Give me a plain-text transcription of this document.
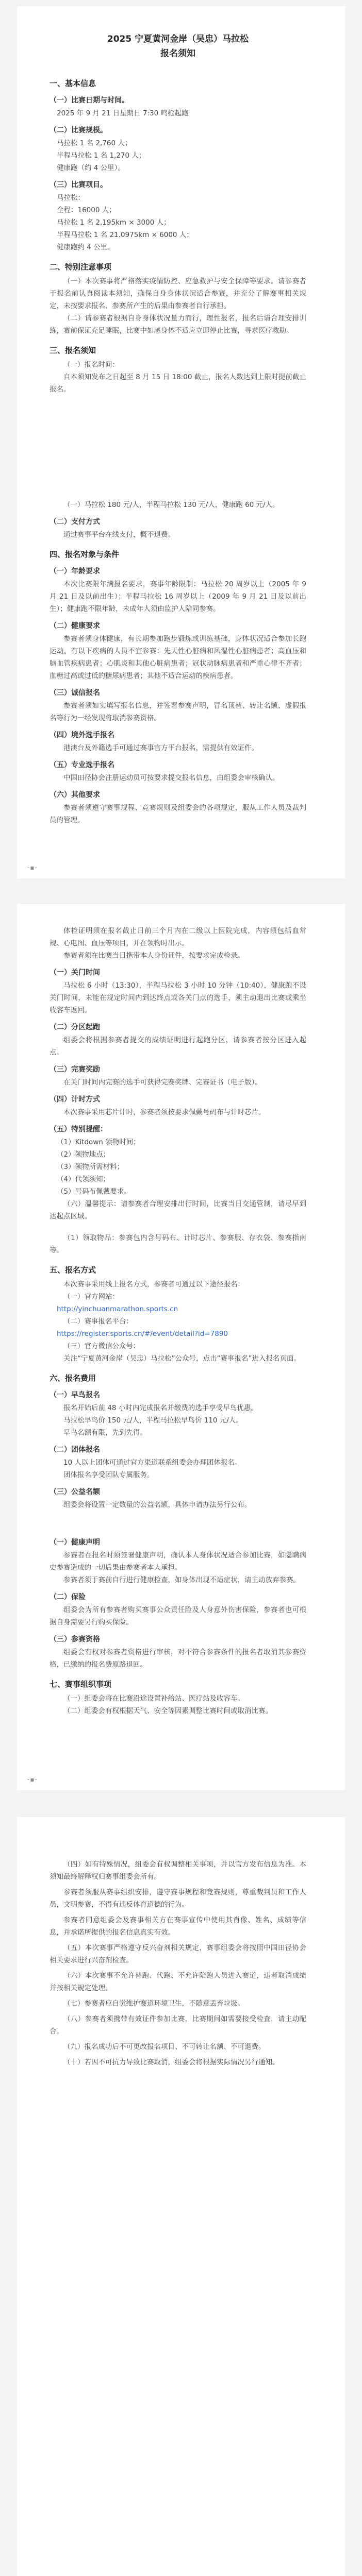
2025 宁夏黄河金岸（吴忠）马拉松
报名须知
一、基本信息
（一）比赛日期与时间。

2025 年 9 月 21 日星期日 7:30 鸣枪起跑

（二）比赛规模。

马拉松 1 名 2,760 人；

半程马拉松 1 名 1,270 人；

健康跑（约 4 公里）。

（三）比赛项目。

马拉松：

全程：16000 人；

马拉松 1 名 2,195km × 3000 人；

半程马拉松 1 名 21.0975km × 6000 人；

健康跑约 4 公里。

二、特别注意事项

（一）本次赛事将严格落实疫情防控、应急救护与安全保障等要求。请参赛者于报名前认真阅读本须知，确保自身身体状况适合参赛，并充分了解赛事相关规定，未按要求报名、参赛所产生的后果由参赛者自行承担。

（二）请参赛者根据自身身体状况量力而行，理性报名，报名后请合理安排训练，赛前保证充足睡眠，比赛中如感身体不适应立即停止比赛，寻求医疗救助。

三、报名须知

（一）报名时间：

自本须知发布之日起至 8 月 15 日 18:00 截止，报名人数达到上限时提前截止报名。

（一）马拉松 180 元/人，半程马拉松 130 元/人，健康跑 60 元/人。

（二）支付方式

通过赛事平台在线支付，概不退费。

四、报名对象与条件
（一）年龄要求

本次比赛限年满报名要求，赛事年龄限制：马拉松 20 周岁以上（2005 年 9 月 21 日及以前出生）；半程马拉松 16 周岁以上（2009 年 9 月 21 日及以前出生）；健康跑不限年龄，未成年人须由监护人陪同参赛。

（二）健康要求

参赛者须身体健康，有长期参加跑步锻炼或训练基础，身体状况适合参加长跑运动。有以下疾病的人员不宜参赛：先天性心脏病和风湿性心脏病患者；高血压和脑血管疾病患者；心肌炎和其他心脏病患者；冠状动脉病患者和严重心律不齐者；血糖过高或过低的糖尿病患者；其他不适合运动的疾病患者。

（三）诚信报名

参赛者须如实填写报名信息，并签署参赛声明，冒名顶替、转让名额、虚假报名等行为一经发现将取消参赛资格。

（四）境外选手报名

港澳台及外籍选手可通过赛事官方平台报名，需提供有效证件。

（五）专业选手报名

中国田径协会注册运动员可按要求提交报名信息，由组委会审核确认。

（六）其他要求

参赛者须遵守赛事规程、竞赛规则及组委会的各项规定，服从工作人员及裁判员的管理。

-▪-

体检证明须在报名截止日前三个月内在二级以上医院完成，内容须包括血常规、心电图、血压等项目，并在领物时出示。

参赛者须在比赛当日携带本人身份证件，按要求完成检录。

（一）关门时间

马拉松 6 小时（13:30），半程马拉松 3 小时 10 分钟（10:40），健康跑不设关门时间，未能在规定时间内到达终点或各关门点的选手，须主动退出比赛或乘坐收容车返回。

（二）分区起跑

组委会将根据参赛者提交的成绩证明进行起跑分区，请参赛者按分区进入起点。

（三）完赛奖励

在关门时间内完赛的选手可获得完赛奖牌、完赛证书（电子版）。

（四）计时方式

本次赛事采用芯片计时，参赛者须按要求佩戴号码布与计时芯片。

（五）特别提醒：

（1）Kitdown 领物时间；

（2）领物地点；

（3）领物所需材料；

（4）代领须知；

（5）号码布佩戴要求。

（六）温馨提示：请参赛者合理安排出行时间，比赛当日交通管制，请尽早到达起点区域。

（1）领取物品：参赛包内含号码布、计时芯片、参赛服、存衣袋、参赛指南等。

五、报名方式

本次赛事采用线上报名方式，参赛者可通过以下途径报名：

（一）官方网站：

http://yinchuanmarathon.sports.cn

（二）赛事报名平台：

https://register.sports.cn/#/event/detail?id=7890

（三）官方微信公众号：

关注“宁夏黄河金岸（吴忠）马拉松”公众号，点击“赛事报名”进入报名页面。

六、报名费用
（一）早鸟报名

报名开始后前 48 小时内完成报名并缴费的选手享受早鸟优惠。

马拉松早鸟价 150 元/人，半程马拉松早鸟价 110 元/人。

早鸟名额有限，先到先得。

（二）团体报名

10 人以上团体可通过官方渠道联系组委会办理团体报名。

团体报名享受团队专属服务。

（三）公益名额

组委会将设置一定数量的公益名额，具体申请办法另行公布。

（一）健康声明

参赛者在报名时须签署健康声明，确认本人身体状况适合参加比赛，如隐瞒病史参赛造成的一切后果由参赛者本人承担。

参赛者须于赛前自行进行健康检查，如身体出现不适症状，请主动放弃参赛。

（二）保险

组委会为所有参赛者购买赛事公众责任险及人身意外伤害保险，参赛者也可根据自身需要另行购买保险。

（三）参赛资格

组委会有权对参赛者资格进行审核，对不符合参赛条件的报名者取消其参赛资格，已缴纳的报名费原路退回。

七、赛事组织事项

（一）组委会将在比赛沿途设置补给站、医疗站及收容车。

（二）组委会有权根据天气、安全等因素调整比赛时间或取消比赛。

-▪-

（四）如有特殊情况，组委会有权调整相关事项，并以官方发布信息为准。本须知最终解释权归赛事组委会所有。

参赛者须服从赛事组织安排，遵守赛事规程和竞赛规则，尊重裁判员和工作人员，文明参赛，不得有违反体育道德的行为。

参赛者同意组委会及赛事相关方在赛事宣传中使用其肖像、姓名、成绩等信息，并承诺所提供的报名信息真实有效。

（五）本次赛事严格遵守反兴奋剂相关规定，赛事组委会将按照中国田径协会相关要求进行兴奋剂检查。

（六）本次赛事不允许替跑、代跑、不允许陪跑人员进入赛道，违者取消成绩并按相关规定处理。

（七）参赛者应自觉维护赛道环境卫生，不随意丢弃垃圾。

（八）参赛者须携带有效证件参加比赛，比赛期间如需要接受检查，请主动配合。

（九）报名成功后不可更改报名项目、不可转让名额、不可退费。

（十）若因不可抗力导致比赛取消，组委会将根据实际情况另行通知。
